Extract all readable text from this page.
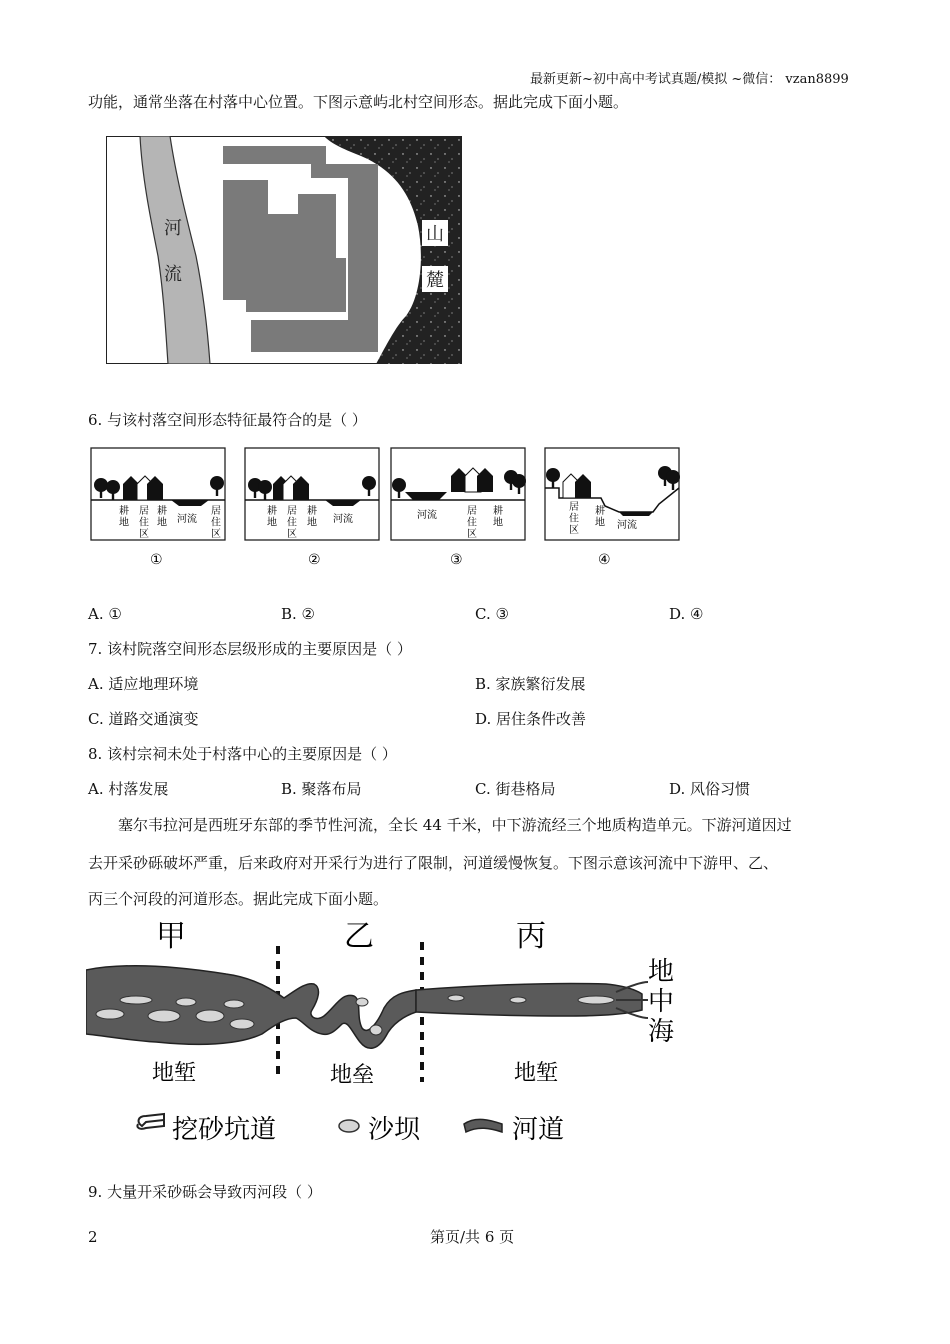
最新更新~初中高中考试真题/模拟 ~微信： vzan8899
功能，通常坐落在村落中心位置。下图示意屿北村空间形态。据此完成下面小题。
河
流
山
麓
6. 与该村落空间形态特征最符合的是（ ）
耕地
居住区
耕地 河流
居住区
①
耕地
居住区
耕地 河流
②
河流	居住区
耕地
③
居住区
耕地 河流
④
A. ①	B. ②	C. ③	D. ④
7. 该村院落空间形态层级形成的主要原因是（ ）
A. 适应地理环境	B. 家族繁衍发展
C. 道路交通演变	D. 居住条件改善
8. 该村宗祠未处于村落中心的主要原因是（ ）
A. 村落发展	B. 聚落布局	C. 街巷格局	D. 风俗习惯
塞尔韦拉河是西班牙东部的季节性河流，全长 44 千米，中下游流经三个地质构造单元。下游河道因过
去开采砂砾破坏严重，后来政府对开采行为进行了限制，河道缓慢恢复。下图示意该河流中下游甲、乙、
丙三个河段的河道形态。据此完成下面小题。
甲	乙	丙
地
中
海
地堑	地垒	地堑
挖砂坑道	沙坝	河道
9. 大量开采砂砾会导致丙河段（ ）
2	第页/共 6 页
